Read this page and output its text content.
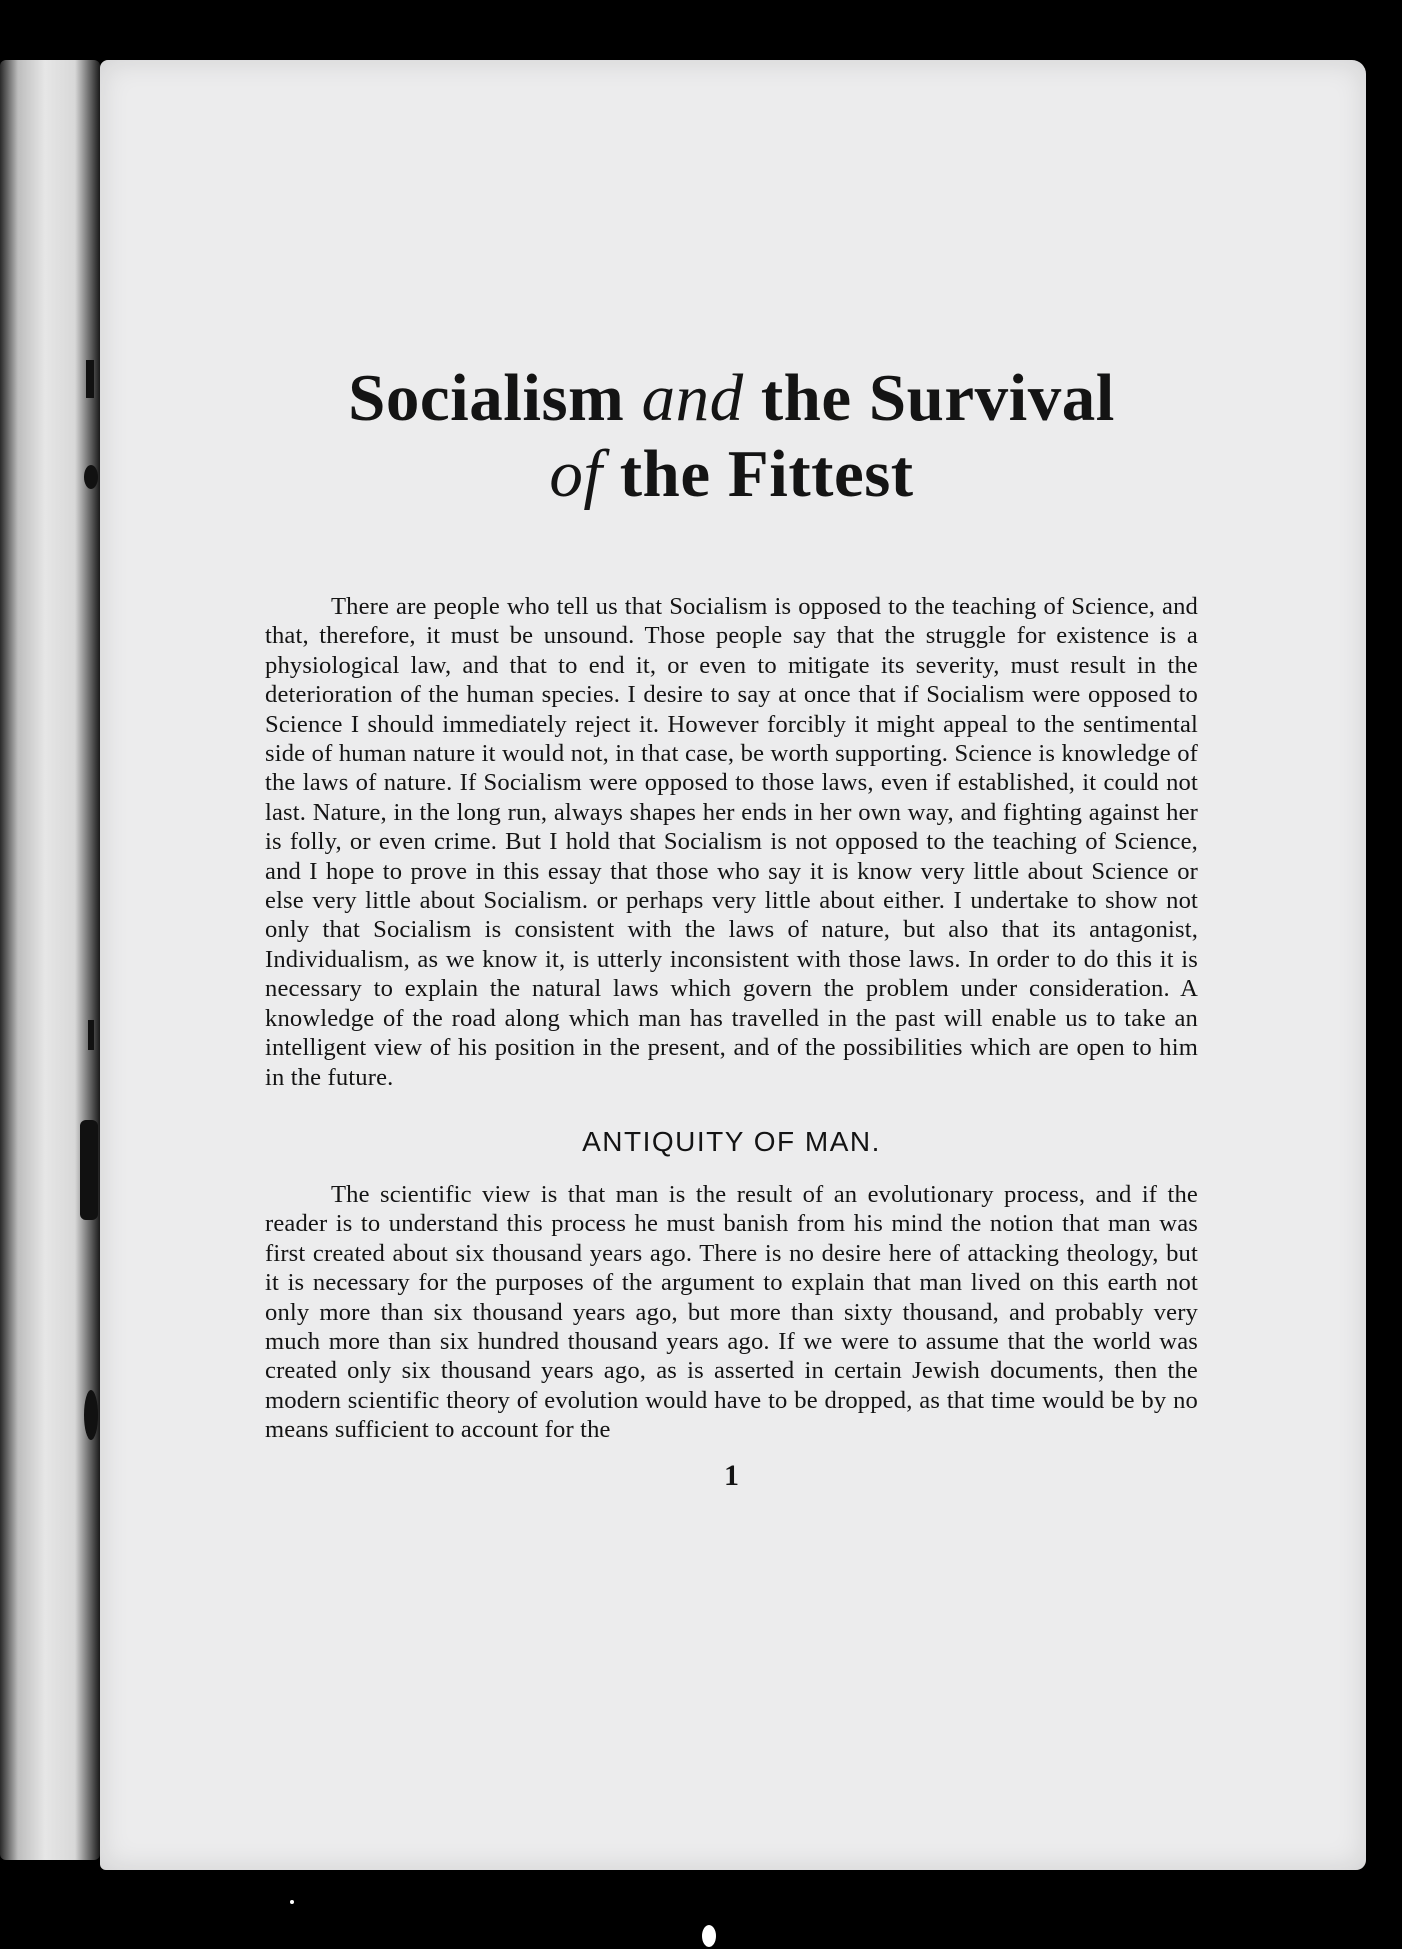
Socialism and the Survival
of the Fittest

There are people who tell us that Socialism is opposed to the teaching of Science, and that, therefore, it must be unsound. Those people say that the struggle for existence is a physiological law, and that to end it, or even to mitigate its severity, must result in the deterioration of the human species. I desire to say at once that if Socialism were opposed to Science I should immediately reject it. However forcibly it might appeal to the sentimental side of human nature it would not, in that case, be worth supporting. Science is knowledge of the laws of nature. If Socialism were opposed to those laws, even if established, it could not last. Nature, in the long run, always shapes her ends in her own way, and fighting against her is folly, or even crime. But I hold that Socialism is not opposed to the teaching of Science, and I hope to prove in this essay that those who say it is know very little about Science or else very little about Socialism. or perhaps very little about either. I undertake to show not only that Socialism is consistent with the laws of nature, but also that its antagonist, Individualism, as we know it, is utterly inconsistent with those laws. In order to do this it is necessary to explain the natural laws which govern the problem under consideration. A knowledge of the road along which man has travelled in the past will enable us to take an intelligent view of his position in the present, and of the possibilities which are open to him in the future.

ANTIQUITY OF MAN.

The scientific view is that man is the result of an evolutionary process, and if the reader is to understand this process he must banish from his mind the notion that man was first created about six thousand years ago. There is no desire here of attacking theology, but it is necessary for the purposes of the argument to explain that man lived on this earth not only more than six thousand years ago, but more than sixty thousand, and probably very much more than six hundred thousand years ago. If we were to assume that the world was created only six thousand years ago, as is asserted in certain Jewish documents, then the modern scientific theory of evolution would have to be dropped, as that time would be by no means sufficient to account for the

1
